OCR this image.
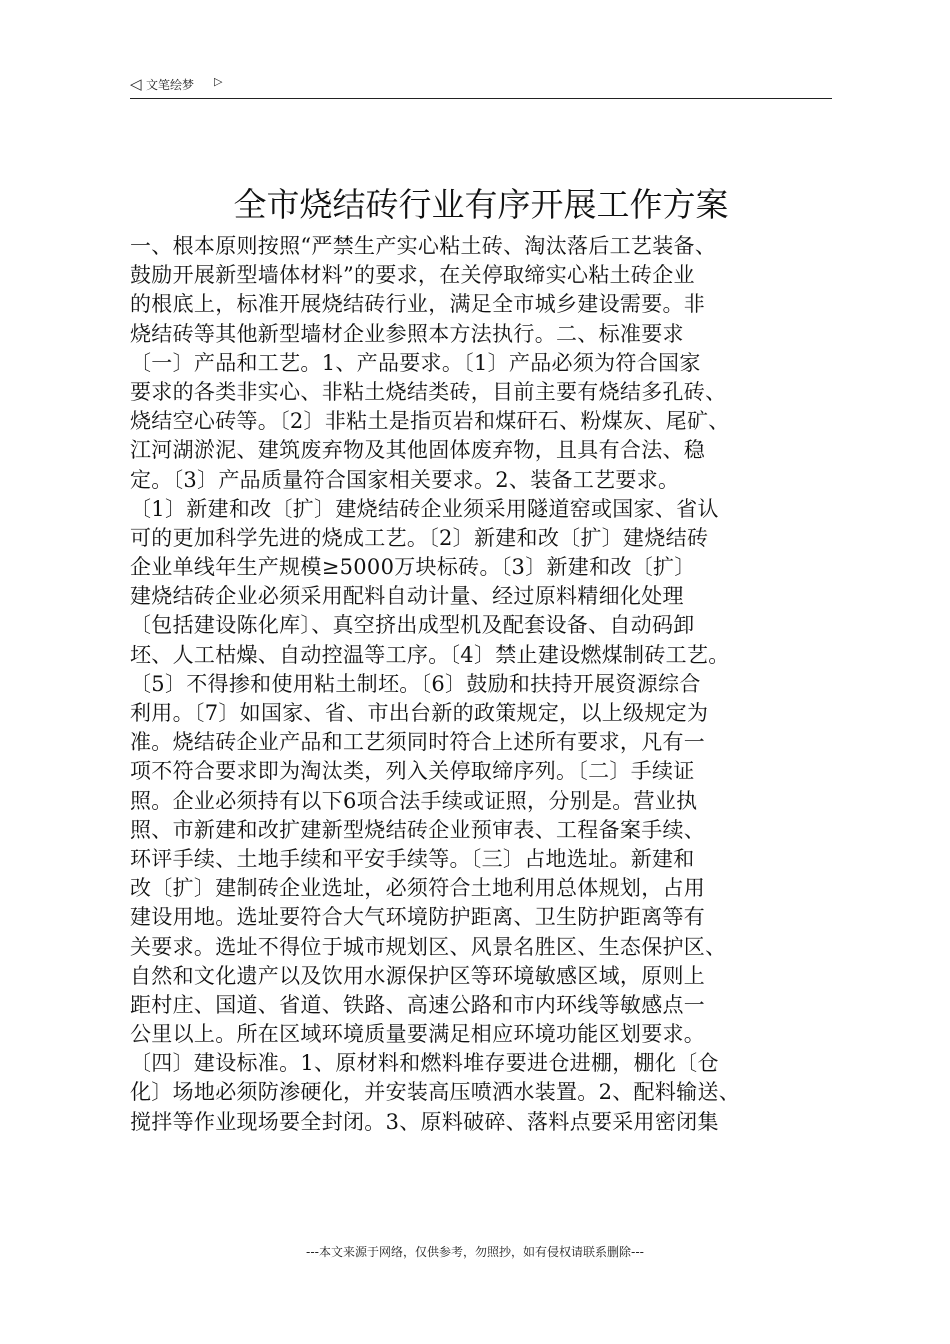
◁ 文笔绘梦 ▷
全市烧结砖行业有序开展工作方案
一、根本原则按照“严禁生产实心粘土砖、淘汰落后工艺装备、
鼓励开展新型墙体材料”的要求，在关停取缔实心粘土砖企业
的根底上，标准开展烧结砖行业，满足全市城乡建设需要。非
烧结砖等其他新型墙材企业参照本方法执行。二、标准要求
〔一〕产品和工艺。1、产品要求。〔1〕产品必须为符合国家
要求的各类非实心、非粘土烧结类砖，目前主要有烧结多孔砖、
烧结空心砖等。〔2〕非粘土是指页岩和煤矸石、粉煤灰、尾矿、
江河湖淤泥、建筑废弃物及其他固体废弃物，且具有合法、稳
定。〔3〕产品质量符合国家相关要求。2、装备工艺要求。
〔1〕新建和改〔扩〕建烧结砖企业须采用隧道窑或国家、省认
可的更加科学先进的烧成工艺。〔2〕新建和改〔扩〕建烧结砖
企业单线年生产规模≥5000万块标砖。〔3〕新建和改〔扩〕
建烧结砖企业必须采用配料自动计量、经过原料精细化处理
〔包括建设陈化库〕、真空挤出成型机及配套设备、自动码卸
坯、人工枯燥、自动控温等工序。〔4〕禁止建设燃煤制砖工艺。
〔5〕不得掺和使用粘土制坯。〔6〕鼓励和扶持开展资源综合
利用。〔7〕如国家、省、市出台新的政策规定，以上级规定为
准。烧结砖企业产品和工艺须同时符合上述所有要求，凡有一
项不符合要求即为淘汰类，列入关停取缔序列。〔二〕手续证
照。企业必须持有以下6项合法手续或证照，分别是。营业执
照、市新建和改扩建新型烧结砖企业预审表、工程备案手续、
环评手续、土地手续和平安手续等。〔三〕占地选址。新建和
改〔扩〕建制砖企业选址，必须符合土地利用总体规划，占用
建设用地。选址要符合大气环境防护距离、卫生防护距离等有
关要求。选址不得位于城市规划区、风景名胜区、生态保护区、
自然和文化遗产以及饮用水源保护区等环境敏感区域，原则上
距村庄、国道、省道、铁路、高速公路和市内环线等敏感点一
公里以上。所在区域环境质量要满足相应环境功能区划要求。
〔四〕建设标准。1、原材料和燃料堆存要进仓进棚，棚化〔仓
化〕场地必须防渗硬化，并安装高压喷洒水装置。2、配料输送、
搅拌等作业现场要全封闭。3、原料破碎、落料点要采用密闭集
---本文来源于网络，仅供参考，勿照抄，如有侵权请联系删除---
